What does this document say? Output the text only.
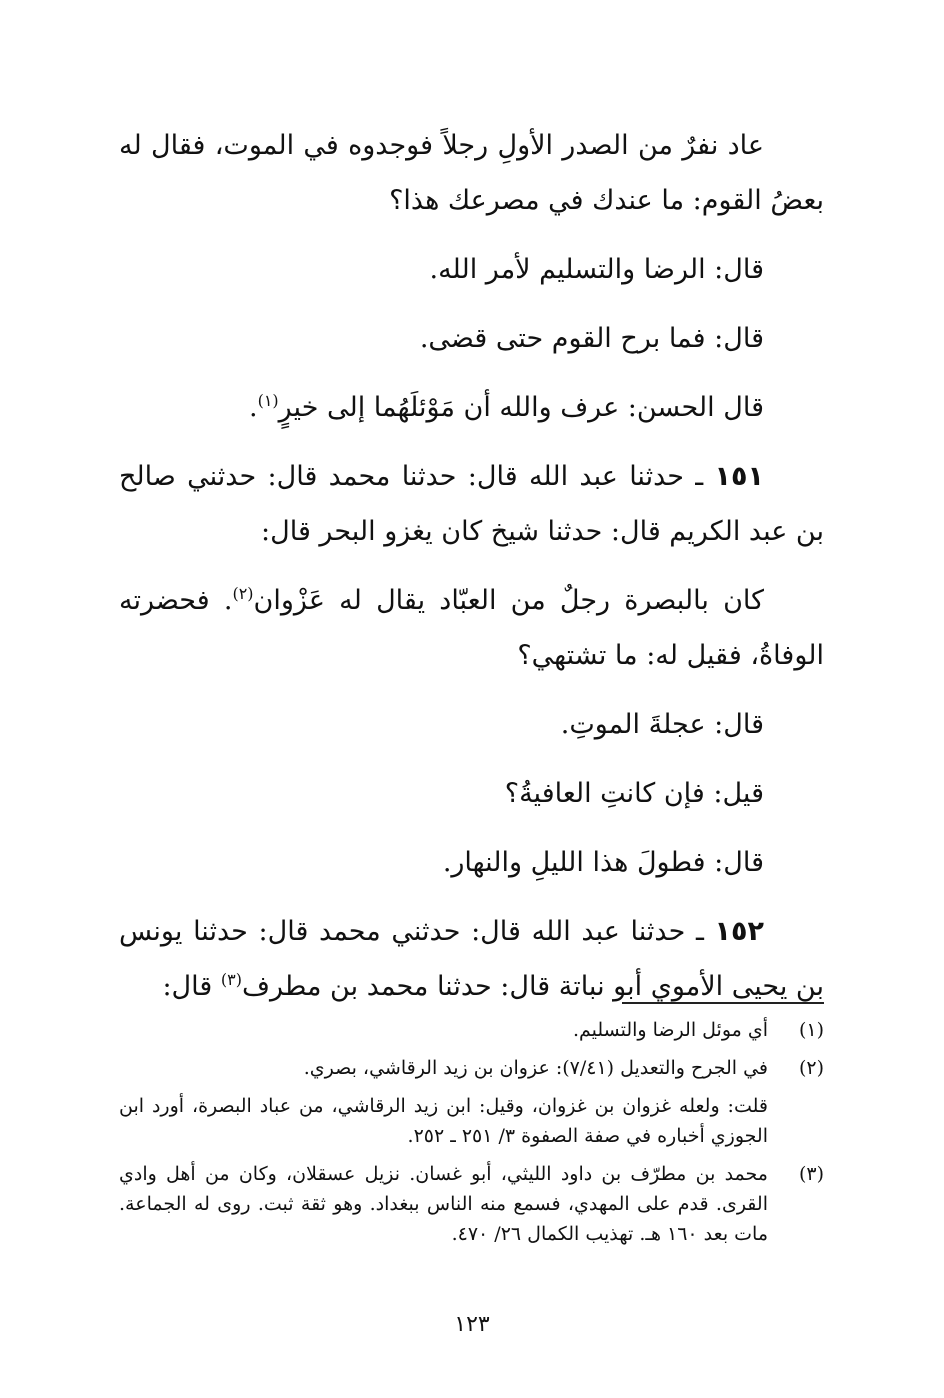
عاد نفرٌ من الصدر الأولِ رجلاً فوجدوه في الموت، فقال له بعضُ القوم: ما عندك في مصرعك هذا؟

قال: الرضا والتسليم لأمر الله.

قال: فما برح القوم حتى قضى.

قال الحسن: عرف والله أن مَوْئلَهُما إلى خيرٍ$^{(١)}$.

١٥١ ـ حدثنا عبد الله قال: حدثنا محمد قال: حدثني صالح بن عبد الكريم قال: حدثنا شيخ كان يغزو البحر قال:

كان بالبصرة رجلٌ من العبّاد يقال له عَزْوان$^{(٢)}$. فحضرته الوفاةُ، فقيل له: ما تشتهي؟

قال: عجلةَ الموتِ.

قيل: فإن كانتِ العافيةُ؟

قال: فطولَ هذا الليلِ والنهار.

١٥٢ ـ حدثنا عبد الله قال: حدثني محمد قال: حدثنا يونس بن يحيى الأموي أبو نباتة قال: حدثنا محمد بن مطرف$^{(٣)}$ قال:

(١)
أي موئل الرضا والتسليم.
(٢)
في الجرح والتعديل (٧/٤١): عزوان بن زيد الرقاشي، بصري.
قلت: ولعله غزوان بن غزوان، وقيل: ابن زيد الرقاشي، من عباد البصرة، أورد ابن الجوزي أخباره في صفة الصفوة ٣/ ٢٥١ ـ ٢٥٢.
(٣)
محمد بن مطرّف بن داود الليثي، أبو غسان. نزيل عسقلان، وكان من أهل وادي القرى. قدم على المهدي، فسمع منه الناس ببغداد. وهو ثقة ثبت. روى له الجماعة. مات بعد ١٦٠ هـ. تهذيب الكمال ٢٦/ ٤٧٠.
١٢٣
